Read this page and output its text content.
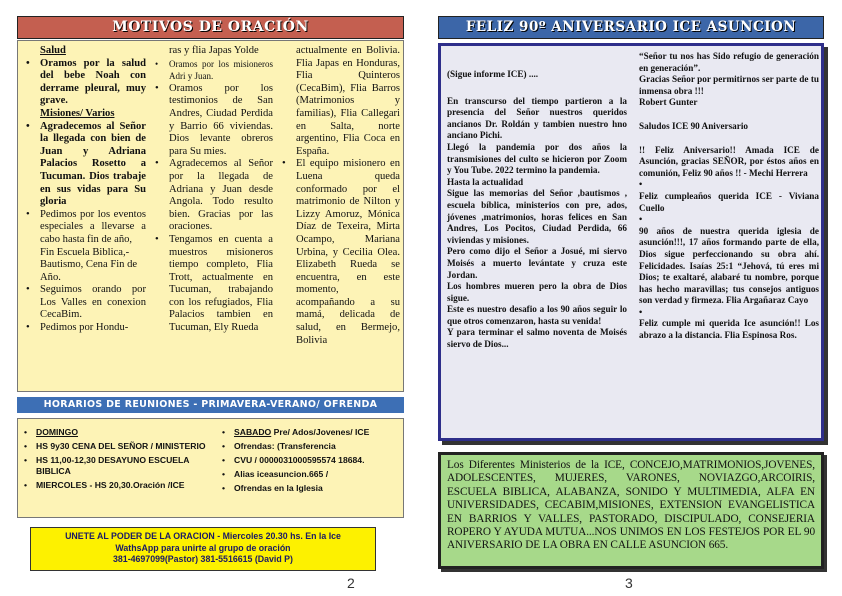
MOTIVOS DE ORACIÓN
Salud
• Oramos por la salud del bebe Noah con derrame pleural, muy grave.
Misiones/ Varios
• Agradecemos al Señor la llegada con bien de Juan y Adriana Palacios Rosetto a Tucuman. Dios trabaje en sus vidas para Su gloria
• Pedimos por los eventos especiales a llevarse a cabo hasta fin de año,
Fin Escuela Biblica,- Bautismo, Cena Fin de Año.
• Seguimos orando por Los Valles en conexion CecaBim.
• Pedimos por Hondu-
ras y flia Japas Yolde
• Oramos por los misioneros Adri y Juan.
• Oramos por los testimonios de San Andres, Ciudad Perdida y Barrio 66 viviendas. Dios levante obreros para Su mies.
• Agradecemos al Señor por la llegada de Adriana y Juan desde Angola. Todo resulto bien. Gracias por las oraciones.
• Tengamos en cuenta a muestros misioneros tiempo completo, Flia Trott, actualmente en Tucuman, trabajando con los refugiados, Flia Palacios tambien en Tucuman, Ely Rueda
actualmente en Bolivia. Flia Japas en Honduras, Flia Quinteros (CecaBim), Flia Barros (Matrimonios y familias), Flia Callegari en Salta, norte argentino, Flia Coca en España.
• El equipo misionero en Luena queda conformado por el matrimonio de Nilton y Lizzy Amoruz, Mónica Díaz de Texeira, Mirta Ocampo, Mariana Urbina, y Cecilia Olea. Elizabeth Rueda se encuentra, en este momento, acompañando a su mamá, delicada de salud, en Bermejo, Bolivia
HORARIOS DE REUNIONES - PRIMAVERA-VERANO/ OFRENDA
• DOMINGO
• HS 9y30 CENA DEL SEÑOR / MINISTERIO
• HS 11,00-12,30 DESAYUNO ESCUELA BIBLICA
• MIERCOLES - HS 20,30.Oración /ICE
• SABADO Pre/ Ados/Jovenes/ ICE
• Ofrendas: (Transferencia
• CVU / 0000031000595574 18684.
• Alias iceasuncion.665 /
• Ofrendas en la Iglesia
UNETE AL PODER DE LA ORACION - Miercoles 20.30 hs. En la Ice
WathsApp para unirte al grupo de oración
381-4697099(Pastor) 381-5516615 (David P)
2
FELIZ 90º ANIVERSARIO ICE ASUNCION

(Sigue informe ICE) ....

En transcurso del tiempo partieron a la presencia del Señor nuestros queridos ancianos Dr. Roldán y tambien nuestro hno anciano Pichi.

Llegó la pandemia por dos años la transmisiones del culto se hicieron por Zoom y You Tube. 2022 termino la pandemia.

Hasta la actualidad

Sigue las memorias del Señor ,bautismos , escuela bíblica, ministerios con pre, ados, jóvenes ,matrimonios, horas felices en San Andres, Los Pocitos, Ciudad Perdida, 66 viviendas y misiones.

Pero como dijo el Señor a Josué, mi siervo Moisés a muerto levántate y cruza este Jordan.

Los hombres mueren pero la obra de Dios sigue.

Este es nuestro desafio a los 90 años seguir lo que otros comenzaron, hasta su venida!

Y para terminar el salmo noventa de Moisés siervo de Dios...

“Señor tu nos has Sido refugio de generación en generación”.

Gracias Señor por permitirnos ser parte de tu inmensa obra !!!

Robert Gunter

Saludos ICE 90 Aniversario

!! Feliz Aniversario!! Amada ICE de Asunción, gracias SEÑOR, por éstos años en comunión, Feliz 90 años !! - Mechi Herrera

•

Feliz cumpleaños querida ICE - Viviana Cuello

•

90 años de nuestra querida iglesia de asunción!!!, 17 años formando parte de ella, Dios sigue perfeccionando su obra ahí. Felicidades. Isaías 25:1 “Jehová, tú eres mi Dios; te exaltaré, alabaré tu nombre, porque has hecho maravillas; tus consejos antiguos son verdad y firmeza. Flia Argañaraz Cayo

•

Feliz cumple mi querida Ice asunción!! Los abrazo a la distancia. Flia Espinosa Ros.

Los Diferentes Ministerios de la ICE, CONCEJO,MATRIMONIOS,JOVENES, ADOLESCENTES, MUJERES, VARONES, NOVIAZGO,ARCOIRIS, ESCUELA BIBLICA, ALABANZA, SONIDO Y MULTIMEDIA, ALFA EN UNIVERSIDADES, CECABIM,MISIONES, EXTENSION EVANGELISTICA EN BARRIOS Y VALLES, PASTORADO, DISCIPULADO, CONSEJERIA ROPERO Y AYUDA MUTUA...NOS UNIMOS EN LOS FESTEJOS POR EL 90 ANIVERSARIO DE LA OBRA EN CALLE ASUNCION 665.
3
